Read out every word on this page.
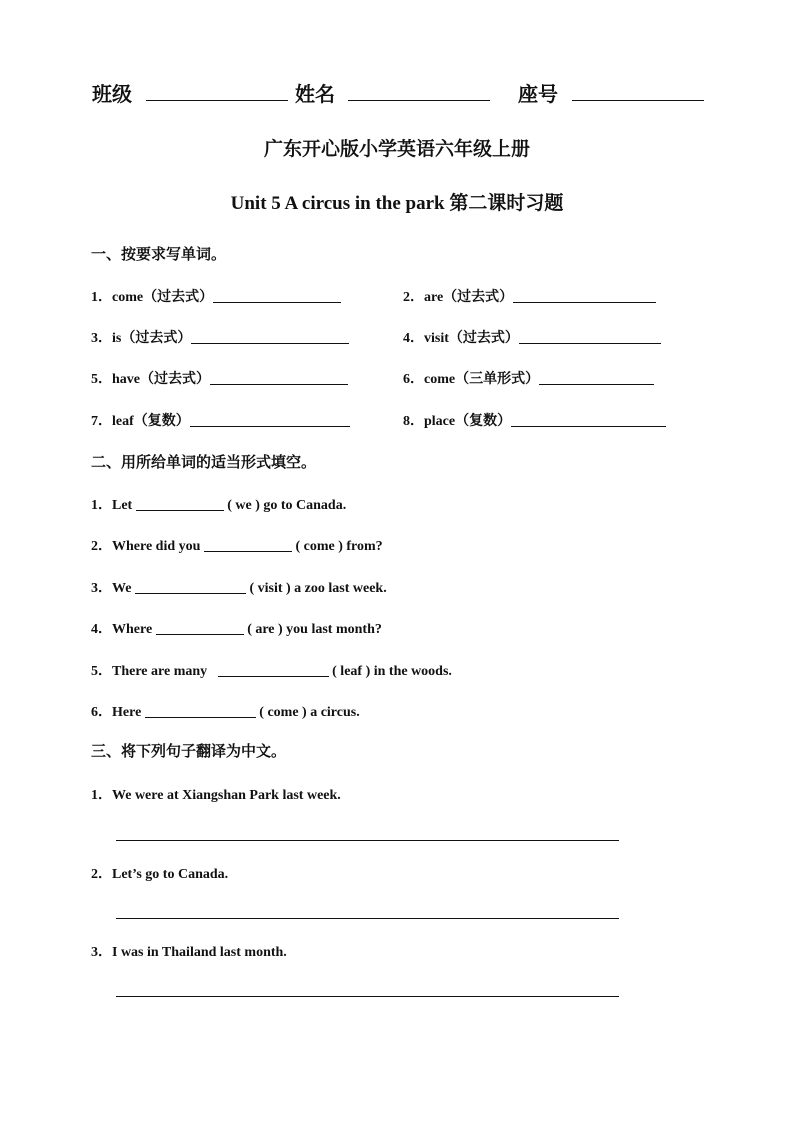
班级	姓名	座号
广东开心版小学英语六年级上册
Unit 5 A circus in the park 第二课时习题
一、按要求写单词。
1．come（过去式）	2．are（过去式）
3．is（过去式）	4．visit（过去式）
5．have（过去式）	6．come（三单形式）
7．leaf（复数）	8．place（复数）
二、用所给单词的适当形式填空。
1．Let	( we ) go to Canada.
2．Where did you	( come ) from?
3．We	( visit ) a zoo last week.
4．Where	( are ) you last month?
5．There are many	( leaf ) in the woods.
6．Here	( come ) a circus.
三、将下列句子翻译为中文。
1．We were at Xiangshan Park last week.
2．Let’s go to Canada.
3．I was in Thailand last month.
